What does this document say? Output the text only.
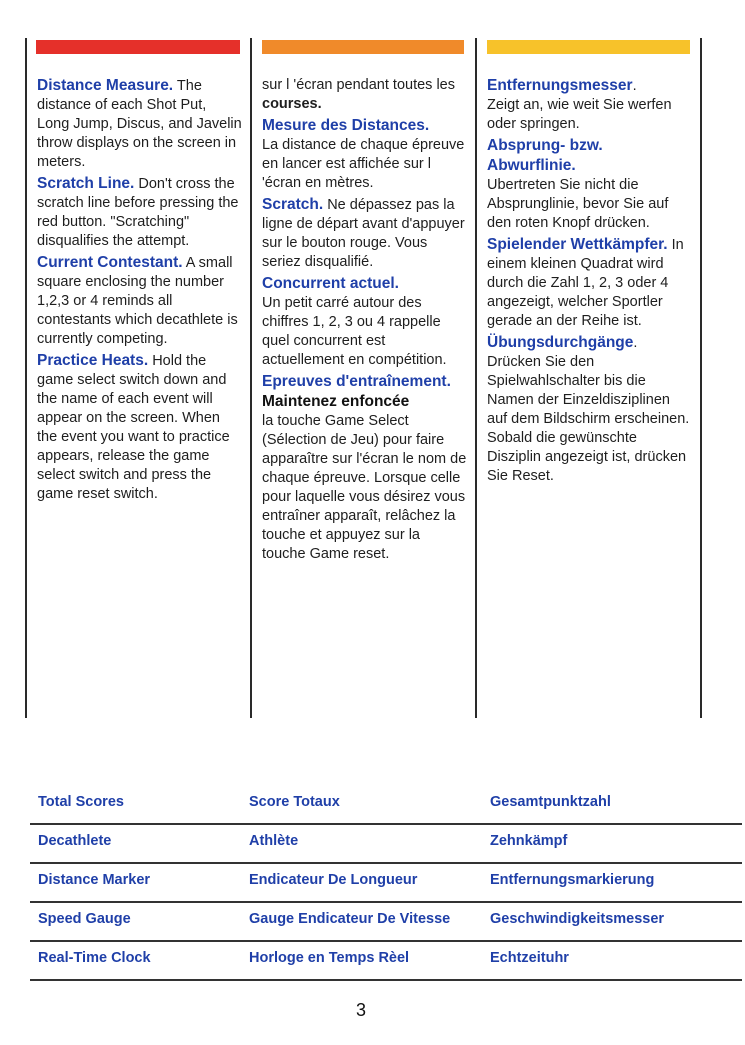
Distance Measure. The distance of each Shot Put, Long Jump, Discus, and Javelin throw displays on the screen in meters.

Scratch Line. Don't cross the scratch line before pressing the red button. "Scratching" disqualifies the attempt.

Current Contestant. A small square enclosing the number 1,2,3 or 4 reminds all contestants which decathlete is currently competing.

Practice Heats. Hold the game select switch down and the name of each event will appear on the screen. When the event you want to practice appears, release the game select switch and press the game reset switch.

sur l 'écran pendant toutes les courses.

Mesure des Distances.
La distance de chaque épreuve en lancer est affichée sur l 'écran en mètres.

Scratch. Ne dépassez pas la ligne de départ avant d'appuyer sur le bouton rouge. Vous seriez disqualifié.

Concurrent actuel.
Un petit carré autour des chiffres 1, 2, 3 ou 4 rappelle quel concurrent est actuellement en compétition.

Epreuves d'entraînement.
Maintenez enfoncée
la touche Game Select (Sélection de Jeu) pour faire apparaître sur l'écran le nom de chaque épreuve. Lorsque celle pour laquelle vous désirez vous entraîner apparaît, relâchez la touche et appuyez sur la touche Game reset.

Entfernungsmesser.
Zeigt an, wie weit Sie werfen oder springen.

Absprung- bzw. Abwurflinie.
Ubertreten Sie nicht die Absprunglinie, bevor Sie auf den roten Knopf drücken.

Spielender Wettkämpfer. In einem kleinen Quadrat wird durch die Zahl 1, 2, 3 oder 4 angezeigt, welcher Sportler gerade an der Reihe ist.

Übungsdurchgänge.
Drücken Sie den Spielwahlschalter bis die Namen der Einzeldisziplinen auf dem Bildschirm erscheinen. Sobald die gewünschte Disziplin angezeigt ist, drücken Sie Reset.

Total Scores	Score Totaux	Gesamtpunktzahl
Decathlete	Athlète	Zehnkämpf
Distance Marker	Endicateur De Longueur	Entfernungsmarkierung
Speed Gauge	Gauge Endicateur De Vitesse	Geschwindigkeitsmesser
Real-Time Clock	Horloge en Temps Rèel	Echtzeituhr
3
